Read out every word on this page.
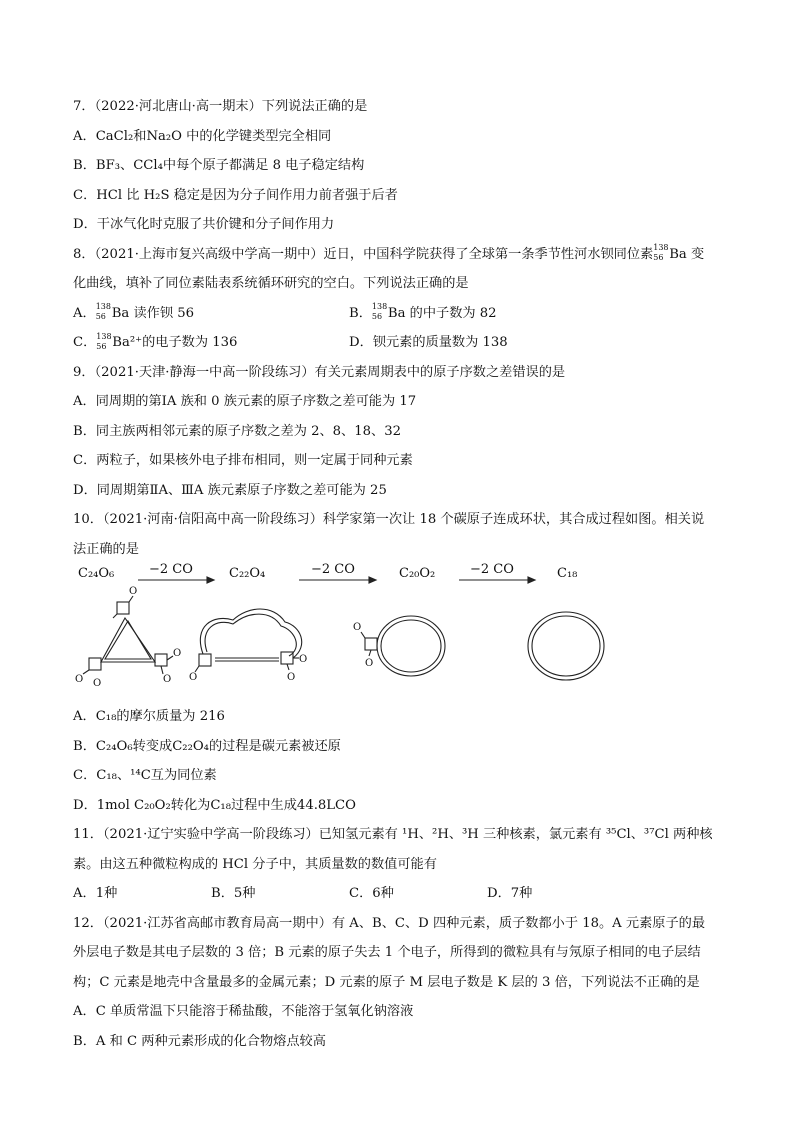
7．（2022·河北唐山·高一期末）下列说法正确的是
A．CaCl₂和Na₂O 中的化学键类型完全相同
B．BF₃、CCl₄中每个原子都满足 8 电子稳定结构
C．HCl 比 H₂S 稳定是因为分子间作用力前者强于后者
D．干冰气化时克服了共价键和分子间作用力
8．（2021·上海市复兴高级中学高一期中）近日，中国科学院获得了全球第一条季节性河水钡同位素 138
56 Ba 变
化曲线，填补了同位素陆表系统循环研究的空白。下列说法正确的是
A． 138
56 Ba 读作钡 56	B． 138
56 Ba 的中子数为 82
C． 138
56 Ba²⁺的电子数为 136	D．钡元素的质量数为 138
9．（2021·天津·静海一中高一阶段练习）有关元素周期表中的原子序数之差错误的是
A．同周期的第ⅠA 族和 0 族元素的原子序数之差可能为 17
B．同主族两相邻元素的原子序数之差为 2、8、18、32
C．两粒子，如果核外电子排布相同，则一定属于同种元素
D．同周期第ⅡA、ⅢA 族元素原子序数之差可能为 25
10．（2021·河南·信阳高中高一阶段练习）科学家第一次让 18 个碳原子连成环状，其合成过程如图。相关说
法正确的是
C₂₄O₆	C₂₂O₄	C₂₀O₂	C₁₈
−2 CO	−2 CO	−2 CO
O
O O
O
O O
O
O
O
O
A．C₁₈的摩尔质量为 216
B．C₂₄O₆转变成C₂₂O₄的过程是碳元素被还原
C．C₁₈、¹⁴C互为同位素
D．1mol C₂₀O₂转化为C₁₈过程中生成44.8LCO
11．（2021·辽宁实验中学高一阶段练习）已知氢元素有 ¹H、²H、³H 三种核素，氯元素有 ³⁵Cl、³⁷Cl 两种核
素。由这五种微粒构成的 HCl 分子中，其质量数的数值可能有
A．1种	B．5种	C．6种	D．7种
12．（2021·江苏省高邮市教育局高一期中）有 A、B、C、D 四种元素，质子数都小于 18。A 元素原子的最
外层电子数是其电子层数的 3 倍；B 元素的原子失去 1 个电子，所得到的微粒具有与氖原子相同的电子层结
构；C 元素是地壳中含量最多的金属元素；D 元素的原子 M 层电子数是 K 层的 3 倍，下列说法不正确的是
A．C 单质常温下只能溶于稀盐酸，不能溶于氢氧化钠溶液
B．A 和 C 两种元素形成的化合物熔点较高
